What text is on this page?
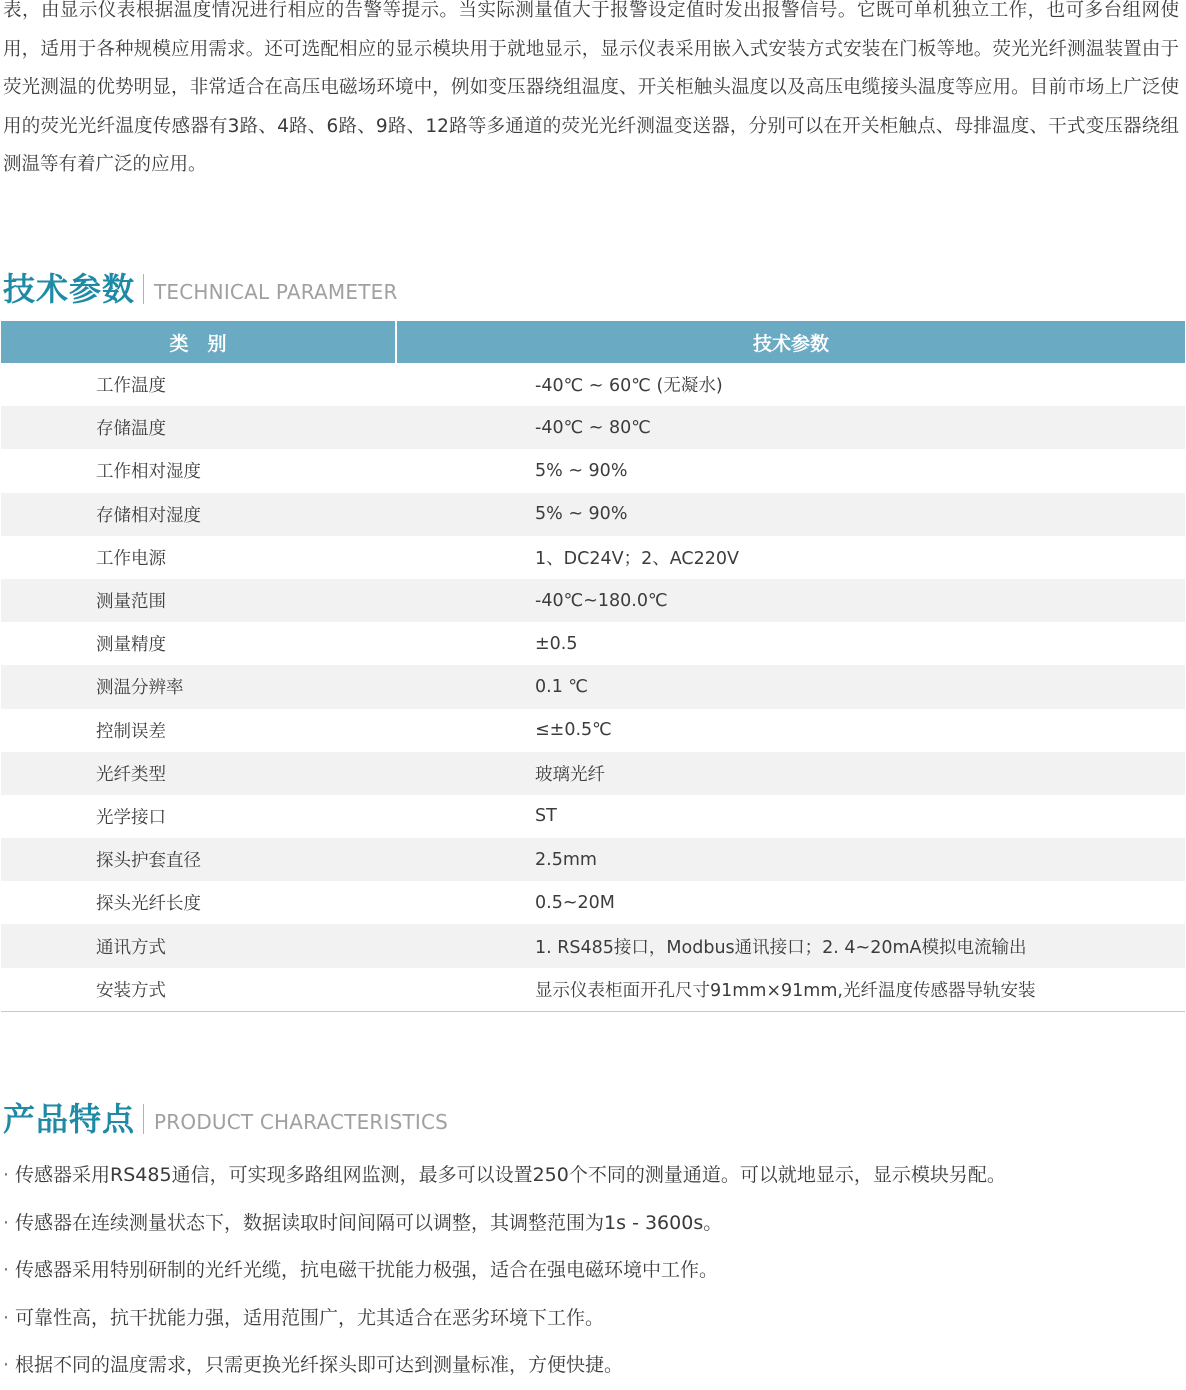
表，由显示仪表根据温度情况进行相应的告警等提示。当实际测量值大于报警设定值时发出报警信号。它既可单机独立工作，也可多台组网使用，适用于各种规模应用需求。还可选配相应的显示模块用于就地显示，显示仪表采用嵌入式安装方式安装在门板等地。荧光光纤测温装置由于荧光测温的优势明显，非常适合在高压电磁场环境中，例如变压器绕组温度、开关柜触头温度以及高压电缆接头温度等应用。目前市场上广泛使用的荧光光纤温度传感器有3路、4路、6路、9路、12路等多通道的荧光光纤测温变送器，分别可以在开关柜触点、母排温度、干式变压器绕组测温等有着广泛的应用。

技术参数 TECHNICAL PARAMETER
类　别	技术参数
工作温度	-40℃ ~ 60℃ (无凝水)
存储温度	-40℃ ~ 80℃
工作相对湿度	5% ~ 90%
存储相对湿度	5% ~ 90%
工作电源	1、DC24V；2、AC220V
测量范围	-40℃~180.0℃
测量精度	±0.5
测温分辨率	0.1 ℃
控制误差	≤±0.5℃
光纤类型	玻璃光纤
光学接口	ST
探头护套直径	2.5mm
探头光纤长度	0.5~20M
通讯方式	1. RS485接口，Modbus通讯接口；2. 4~20mA模拟电流输出
安装方式	显示仪表柜面开孔尺寸91mm×91mm,光纤温度传感器导轨安装
产品特点 PRODUCT CHARACTERISTICS
· 传感器采用RS485通信，可实现多路组网监测，最多可以设置250个不同的测量通道。可以就地显示，显示模块另配。
· 传感器在连续测量状态下，数据读取时间间隔可以调整，其调整范围为1s - 3600s。
· 传感器采用特别研制的光纤光缆，抗电磁干扰能力极强，适合在强电磁环境中工作。
· 可靠性高，抗干扰能力强，适用范围广，尤其适合在恶劣环境下工作。
· 根据不同的温度需求，只需更换光纤探头即可达到测量标准，方便快捷。
